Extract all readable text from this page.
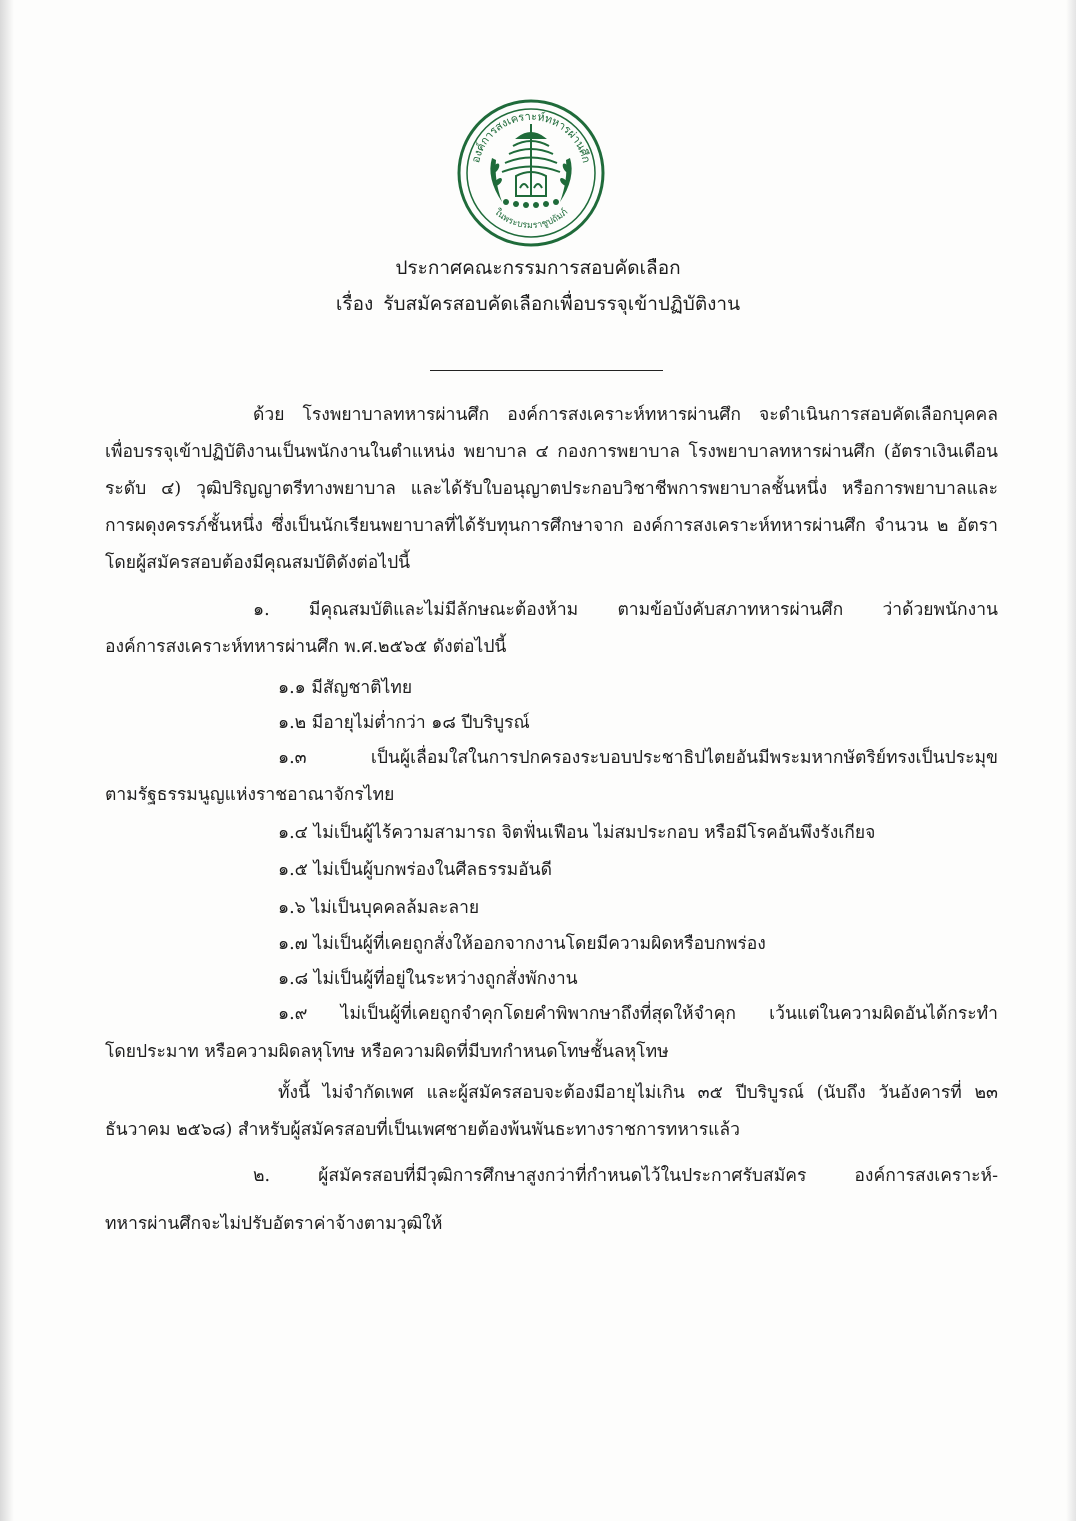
องค์การสงเคราะห์ทหารผ่านศึก
ในพระบรมราชูปถัมภ์
ประกาศคณะกรรมการสอบคัดเลือก
เรื่อง รับสมัครสอบคัดเลือกเพื่อบรรจุเข้าปฏิบัติงาน
ด้วย โรงพยาบาลทหารผ่านศึก องค์การสงเคราะห์ทหารผ่านศึก จะดำเนินการสอบคัดเลือกบุคคล
เพื่อบรรจุเข้าปฏิบัติงานเป็นพนักงานในตำแหน่ง พยาบาล ๔ กองการพยาบาล โรงพยาบาลทหารผ่านศึก (อัตราเงินเดือน
ระดับ ๔) วุฒิปริญญาตรีทางพยาบาล และได้รับใบอนุญาตประกอบวิชาชีพการพยาบาลชั้นหนึ่ง หรือการพยาบาลและ
การผดุงครรภ์ชั้นหนึ่ง ซึ่งเป็นนักเรียนพยาบาลที่ได้รับทุนการศึกษาจาก องค์การสงเคราะห์ทหารผ่านศึก จำนวน ๒ อัตรา
โดยผู้สมัครสอบต้องมีคุณสมบัติดังต่อไปนี้
๑. มีคุณสมบัติและไม่มีลักษณะต้องห้าม ตามข้อบังคับสภาทหารผ่านศึก ว่าด้วยพนักงาน
องค์การสงเคราะห์ทหารผ่านศึก พ.ศ.๒๕๖๕ ดังต่อไปนี้
๑.๑ มีสัญชาติไทย
๑.๒ มีอายุไม่ต่ำกว่า ๑๘ ปีบริบูรณ์
๑.๓ เป็นผู้เลื่อมใสในการปกครองระบอบประชาธิปไตยอันมีพระมหากษัตริย์ทรงเป็นประมุข
ตามรัฐธรรมนูญแห่งราชอาณาจักรไทย
๑.๔ ไม่เป็นผู้ไร้ความสามารถ จิตฟั่นเฟือน ไม่สมประกอบ หรือมีโรคอันพึงรังเกียจ
๑.๕ ไม่เป็นผู้บกพร่องในศีลธรรมอันดี
๑.๖ ไม่เป็นบุคคลล้มละลาย
๑.๗ ไม่เป็นผู้ที่เคยถูกสั่งให้ออกจากงานโดยมีความผิดหรือบกพร่อง
๑.๘ ไม่เป็นผู้ที่อยู่ในระหว่างถูกสั่งพักงาน
๑.๙ ไม่เป็นผู้ที่เคยถูกจำคุกโดยคำพิพากษาถึงที่สุดให้จำคุก เว้นแต่ในความผิดอันได้กระทำ
โดยประมาท หรือความผิดลหุโทษ หรือความผิดที่มีบทกำหนดโทษชั้นลหุโทษ
ทั้งนี้ ไม่จำกัดเพศ และผู้สมัครสอบจะต้องมีอายุไม่เกิน ๓๕ ปีบริบูรณ์ (นับถึง วันอังคารที่ ๒๓
ธันวาคม ๒๕๖๘) สำหรับผู้สมัครสอบที่เป็นเพศชายต้องพ้นพันธะทางราชการทหารแล้ว
๒. ผู้สมัครสอบที่มีวุฒิการศึกษาสูงกว่าที่กำหนดไว้ในประกาศรับสมัคร องค์การสงเคราะห์-
ทหารผ่านศึกจะไม่ปรับอัตราค่าจ้างตามวุฒิให้
